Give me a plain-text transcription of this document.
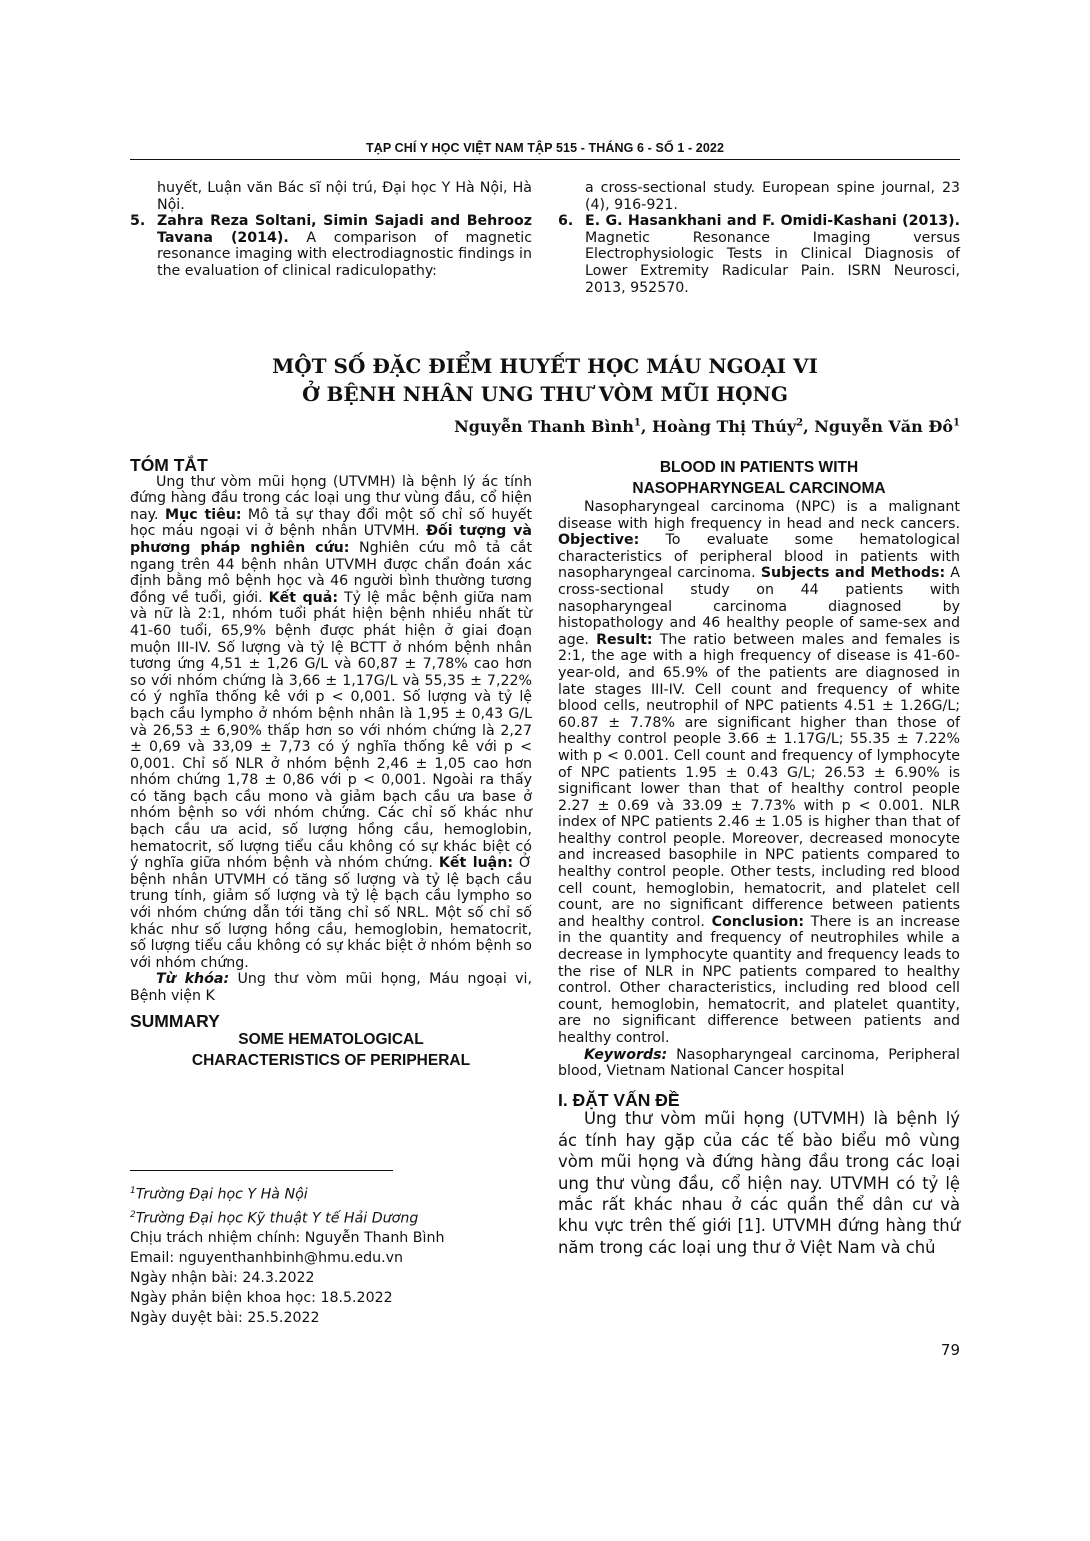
TẠP CHÍ Y HỌC VIỆT NAM TẬP 515 - THÁNG 6 - SỐ 1 - 2022

huyết, Luận văn Bác sĩ nội trú, Đại học Y Hà Nội, Hà Nội.

5. Zahra Reza Soltani, Simin Sajadi and Behrooz Tavana (2014). A comparison of magnetic resonance imaging with electrodiagnostic findings in the evaluation of clinical radiculopathy:

a cross-sectional study. European spine journal, 23 (4), 916-921.

6. E. G. Hasankhani and F. Omidi-Kashani (2013). Magnetic Resonance Imaging versus Electrophysiologic Tests in Clinical Diagnosis of Lower Extremity Radicular Pain. ISRN Neurosci, 2013, 952570.
MỘT SỐ ĐẶC ĐIỂM HUYẾT HỌC MÁU NGOẠI VI
Ở BỆNH NHÂN UNG THƯ VÒM MŨI HỌNG
Nguyễn Thanh Bình$^1$, Hoàng Thị Thúy$^2$, Nguyễn Văn $Đô^1$
TÓM TẮT

Ung thư vòm mũi họng (UTVMH) là bệnh lý ác tính đứng hàng đầu trong các loại ung thư vùng đầu, cổ hiện nay. Mục tiêu: Mô tả sự thay đổi một số chỉ số huyết học máu ngoại vi ở bệnh nhân UTVMH. Đối tượng và phương pháp nghiên cứu: Nghiên cứu mô tả cắt ngang trên 44 bệnh nhân UTVMH được chẩn đoán xác định bằng mô bệnh học và 46 người bình thường tương đồng về tuổi, giới. Kết quả: Tỷ lệ mắc bệnh giữa nam và nữ là 2:1, nhóm tuổi phát hiện bệnh nhiều nhất từ 41-60 tuổi, 65,9% bệnh được phát hiện ở giai đoạn muộn III-IV. Số lượng và tỷ lệ BCTT ở nhóm bệnh nhân tương ứng 4,51 ± 1,26 G/L và 60,87 ± 7,78% cao hơn so với nhóm chứng là 3,66 ± 1,17G/L và 55,35 ± 7,22% có ý nghĩa thống kê với p < 0,001. Số lượng và tỷ lệ bạch cầu lympho ở nhóm bệnh nhân là 1,95 ± 0,43 G/L và 26,53 ± 6,90% thấp hơn so với nhóm chứng là 2,27 ± 0,69 và 33,09 ± 7,73 có ý nghĩa thống kê với p < 0,001. Chỉ số NLR ở nhóm bệnh 2,46 ± 1,05 cao hơn nhóm chứng 1,78 ± 0,86 với p < 0,001. Ngoài ra thấy có tăng bạch cầu mono và giảm bạch cầu ưa base ở nhóm bệnh so với nhóm chứng. Các chỉ số khác như bạch cầu ưa acid, số lượng hồng cầu, hemoglobin, hematocrit, số lượng tiểu cầu không có sự khác biệt có ý nghĩa giữa nhóm bệnh và nhóm chứng. Kết luận: Ở bệnh nhân UTVMH có tăng số lượng và tỷ lệ bạch cầu trung tính, giảm số lượng và tỷ lệ bạch cầu lympho so với nhóm chứng dẫn tới tăng chỉ số NRL. Một số chỉ số khác như số lượng hồng cầu, hemoglobin, hematocrit, số lượng tiểu cầu không có sự khác biệt ở nhóm bệnh so với nhóm chứng.

Từ khóa: Ung thư vòm mũi họng, Máu ngoại vi, Bệnh viện K

SUMMARY
SOME HEMATOLOGICAL
CHARACTERISTICS OF PERIPHERAL
$^1$Trường Đại học Y Hà Nội
$^2$Trường Đại học Kỹ thuật Y tế Hải Dương
Chịu trách nhiệm chính: Nguyễn Thanh Bình
Email: nguyenthanhbinh@hmu.edu.vn
Ngày nhận bài: 24.3.2022
Ngày phản biện khoa học: 18.5.2022
Ngày duyệt bài: 25.5.2022
BLOOD IN PATIENTS WITH
NASOPHARYNGEAL CARCINOMA

Nasopharyngeal carcinoma (NPC) is a malignant disease with high frequency in head and neck cancers. Objective: To evaluate some hematological characteristics of peripheral blood in patients with nasopharyngeal carcinoma. Subjects and Methods: A cross-sectional study on 44 patients with nasopharyngeal carcinoma diagnosed by histopathology and 46 healthy people of same-sex and age. Result: The ratio between males and females is 2:1, the age with a high frequency of disease is 41-60-year-old, and 65.9% of the patients are diagnosed in late stages III-IV. Cell count and frequency of white blood cells, neutrophil of NPC patients 4.51 ± 1.26G/L; 60.87 ± 7.78% are significant higher than those of healthy control people 3.66 ± 1.17G/L; 55.35 ± 7.22% with p < 0.001. Cell count and frequency of lymphocyte of NPC patients 1.95 ± 0.43 G/L; 26.53 ± 6.90% is significant lower than that of healthy control people 2.27 ± 0.69 và 33.09 ± 7.73% with p < 0.001. NLR index of NPC patients 2.46 ± 1.05 is higher than that of healthy control people. Moreover, decreased monocyte and increased basophile in NPC patients compared to healthy control people. Other tests, including red blood cell count, hemoglobin, hematocrit, and platelet cell count, are no significant difference between patients and healthy control. Conclusion: There is an increase in the quantity and frequency of neutrophiles while a decrease in lymphocyte quantity and frequency leads to the rise of NLR in NPC patients compared to healthy control. Other characteristics, including red blood cell count, hemoglobin, hematocrit, and platelet quantity, are no significant difference between patients and healthy control.

Keywords: Nasopharyngeal carcinoma, Peripheral blood, Vietnam National Cancer hospital

I. ĐẶT VẤN ĐỀ

Ung thư vòm mũi họng (UTVMH) là bệnh lý ác tính hay gặp của các tế bào biểu mô vùng vòm mũi họng và đứng hàng đầu trong các loại ung thư vùng đầu, cổ hiện nay. UTVMH có tỷ lệ mắc rất khác nhau ở các quần thể dân cư và khu vực trên thế giới [1]. UTVMH đứng hàng thứ năm trong các loại ung thư ở Việt Nam và chủ

79
